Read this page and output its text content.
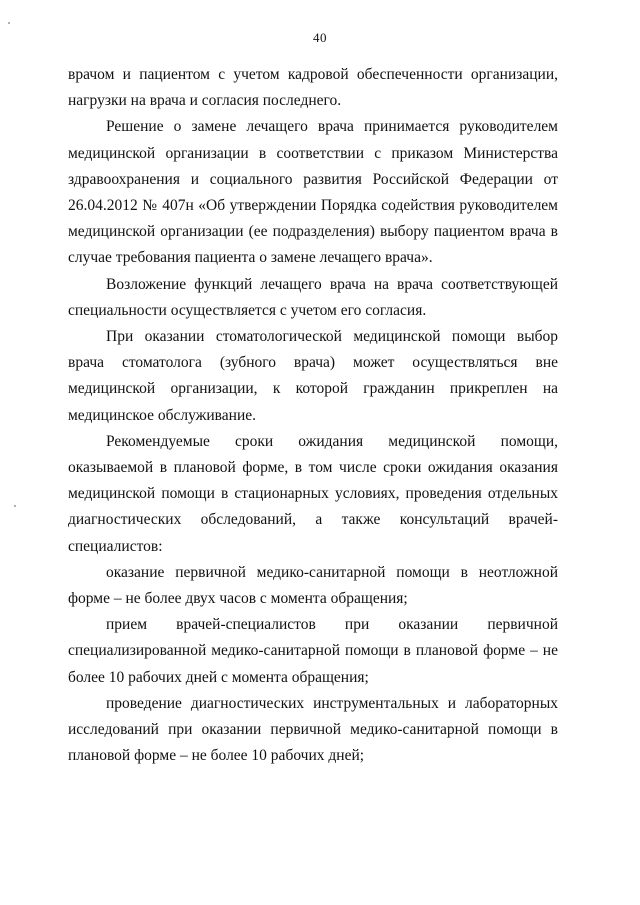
40

врачом и пациентом с учетом кадровой обеспеченности организации, нагрузки на врача и согласия последнего.

Решение о замене лечащего врача принимается руководителем медицинской организации в соответствии с приказом Министерства здравоохранения и социального развития Российской Федерации от 26.04.2012 № 407н «Об утверждении Порядка содействия руководителем медицинской организации (ее подразделения) выбору пациентом врача в случае требования пациента о замене лечащего врача».

Возложение функций лечащего врача на врача соответствующей специальности осуществляется с учетом его согласия.

При оказании стоматологической медицинской помощи выбор врача стоматолога (зубного врача) может осуществляться вне медицинской организации, к которой гражданин прикреплен на медицинское обслуживание.

Рекомендуемые сроки ожидания медицинской помощи, оказываемой в плановой форме, в том числе сроки ожидания оказания медицинской помощи в стационарных условиях, проведения отдельных диагностических обследований, а также консультаций врачей-специалистов:

оказание первичной медико-санитарной помощи в неотложной форме – не более двух часов с момента обращения;

прием врачей-специалистов при оказании первичной специализированной медико-санитарной помощи в плановой форме – не более 10 рабочих дней с момента обращения;

проведение диагностических инструментальных и лабораторных исследований при оказании первичной медико-санитарной помощи в плановой форме – не более 10 рабочих дней;
